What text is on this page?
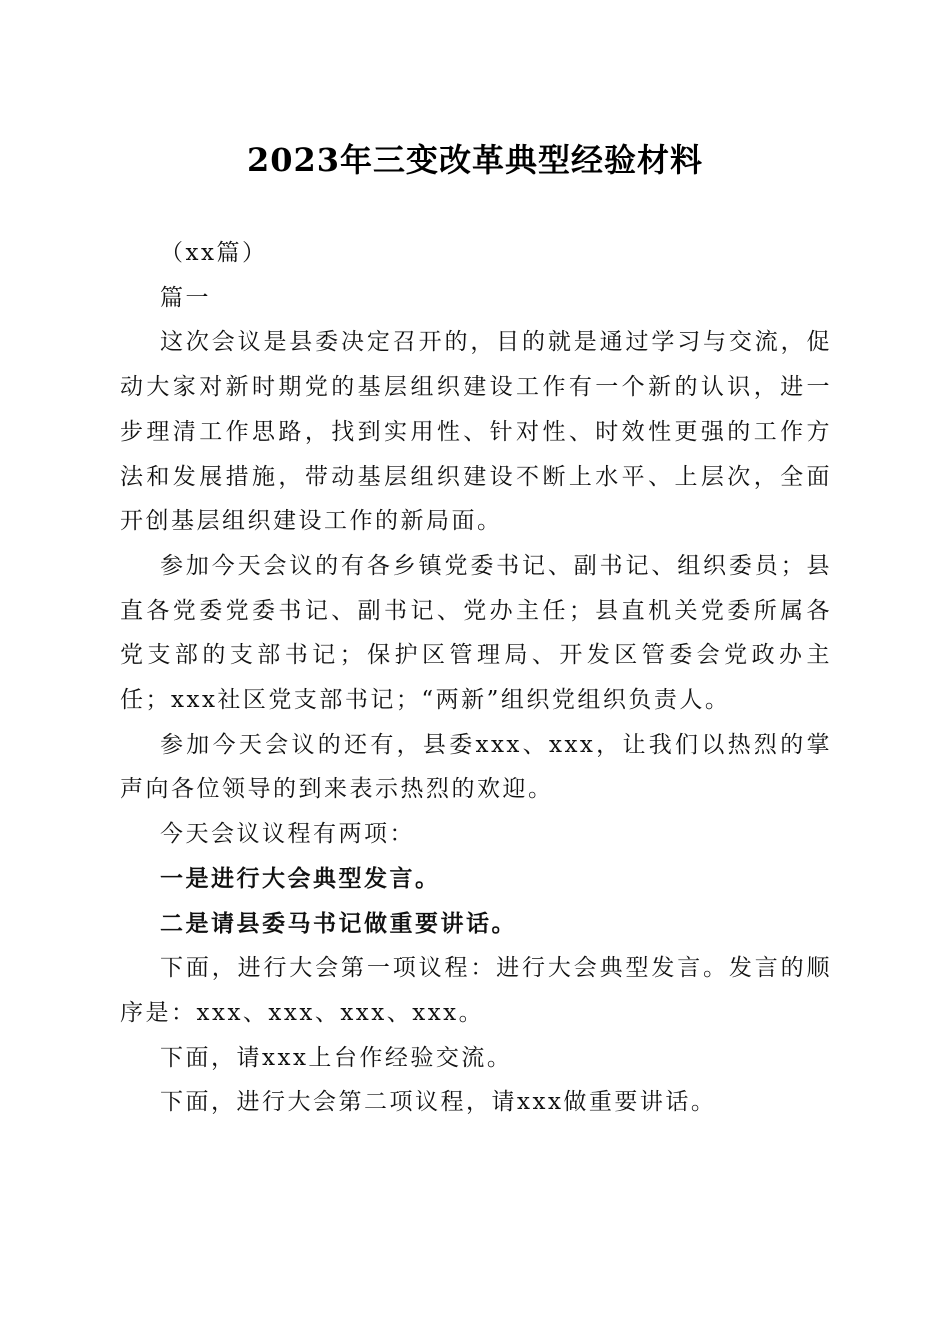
2023年三变改革典型经验材料

（xx篇）

篇一

这次会议是县委决定召开的，目的就是通过学习与交流，促动大家对新时期党的基层组织建设工作有一个新的认识，进一步理清工作思路，找到实用性、针对性、时效性更强的工作方法和发展措施，带动基层组织建设不断上水平、上层次，全面开创基层组织建设工作的新局面。

参加今天会议的有各乡镇党委书记、副书记、组织委员；县直各党委党委书记、副书记、党办主任；县直机关党委所属各党支部的支部书记；保护区管理局、开发区管委会党政办主任；xxx社区党支部书记；“两新”组织党组织负责人。

参加今天会议的还有，县委xxx、xxx，让我们以热烈的掌声向各位领导的到来表示热烈的欢迎。

今天会议议程有两项：

一是进行大会典型发言。

二是请县委马书记做重要讲话。

下面，进行大会第一项议程：进行大会典型发言。发言的顺序是：xxx、xxx、xxx、xxx。

下面，请xxx上台作经验交流。

下面，进行大会第二项议程，请xxx做重要讲话。
